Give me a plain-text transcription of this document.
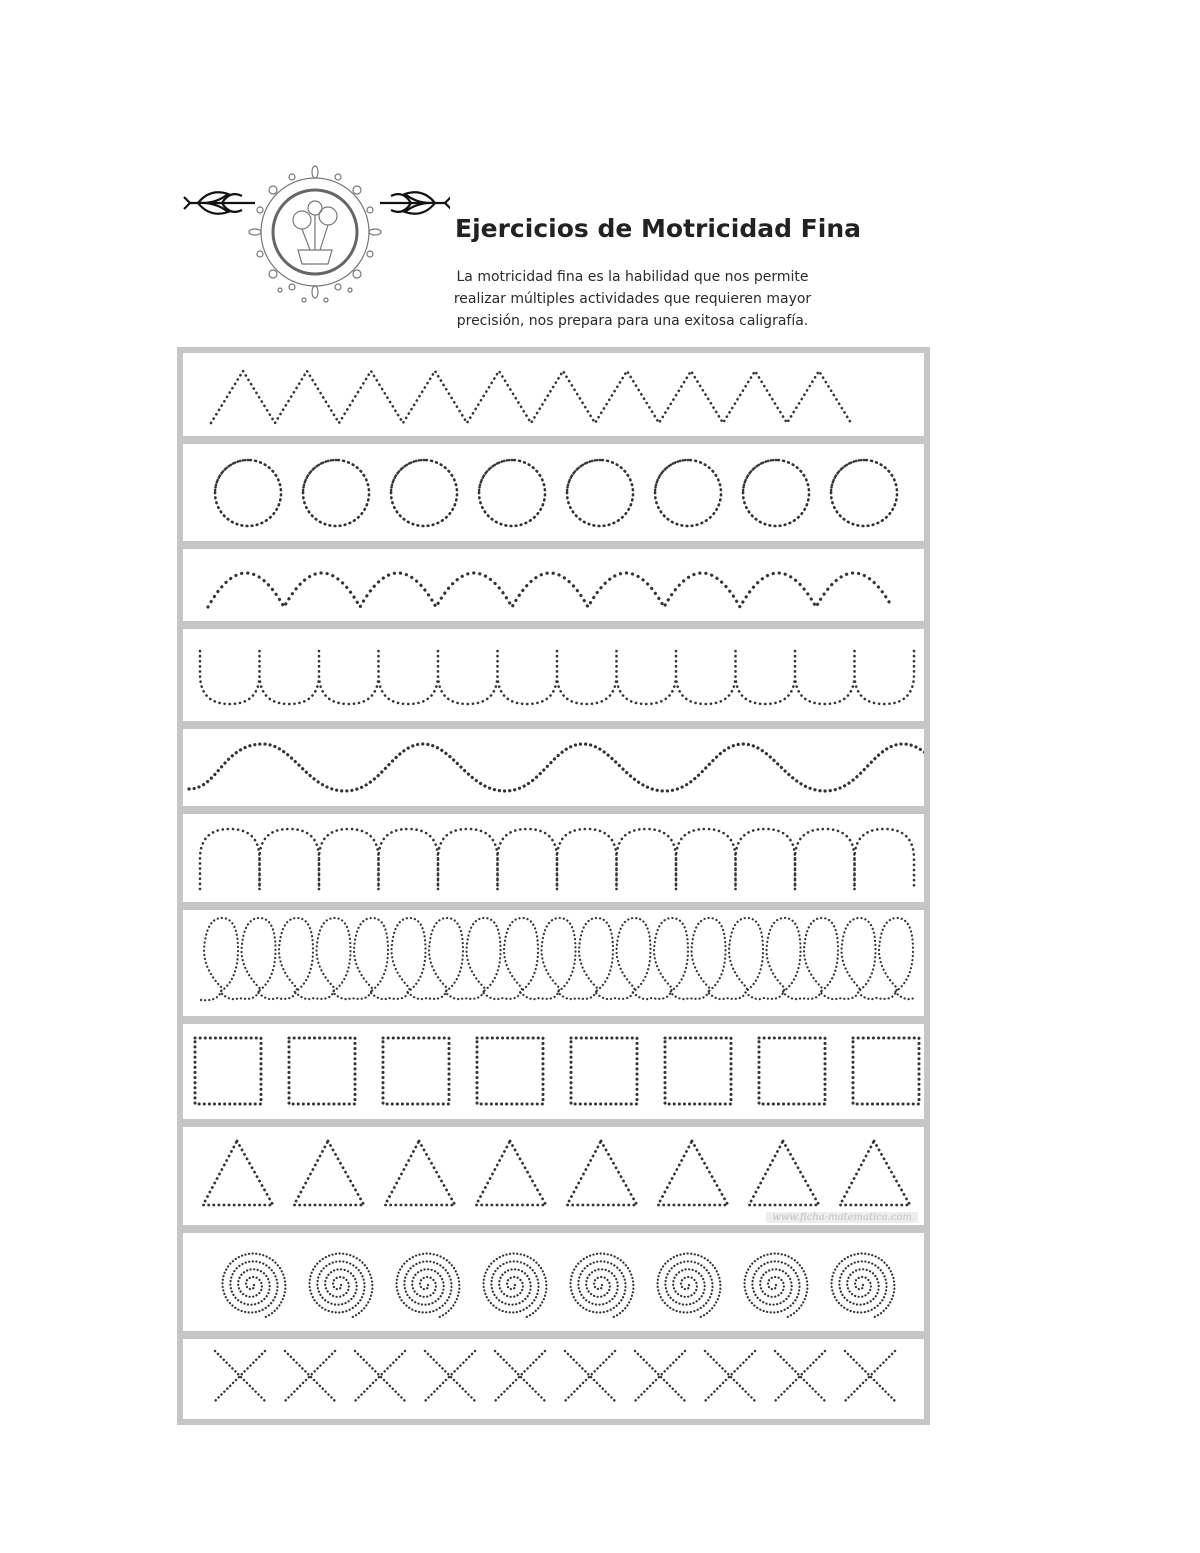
Ejercicios de Motricidad Fina
La motricidad fina es la habilidad que nos permite realizar múltiples actividades que requieren mayor precisión, nos prepara para una exitosa caligrafía.
www.ficha-matematica.com
